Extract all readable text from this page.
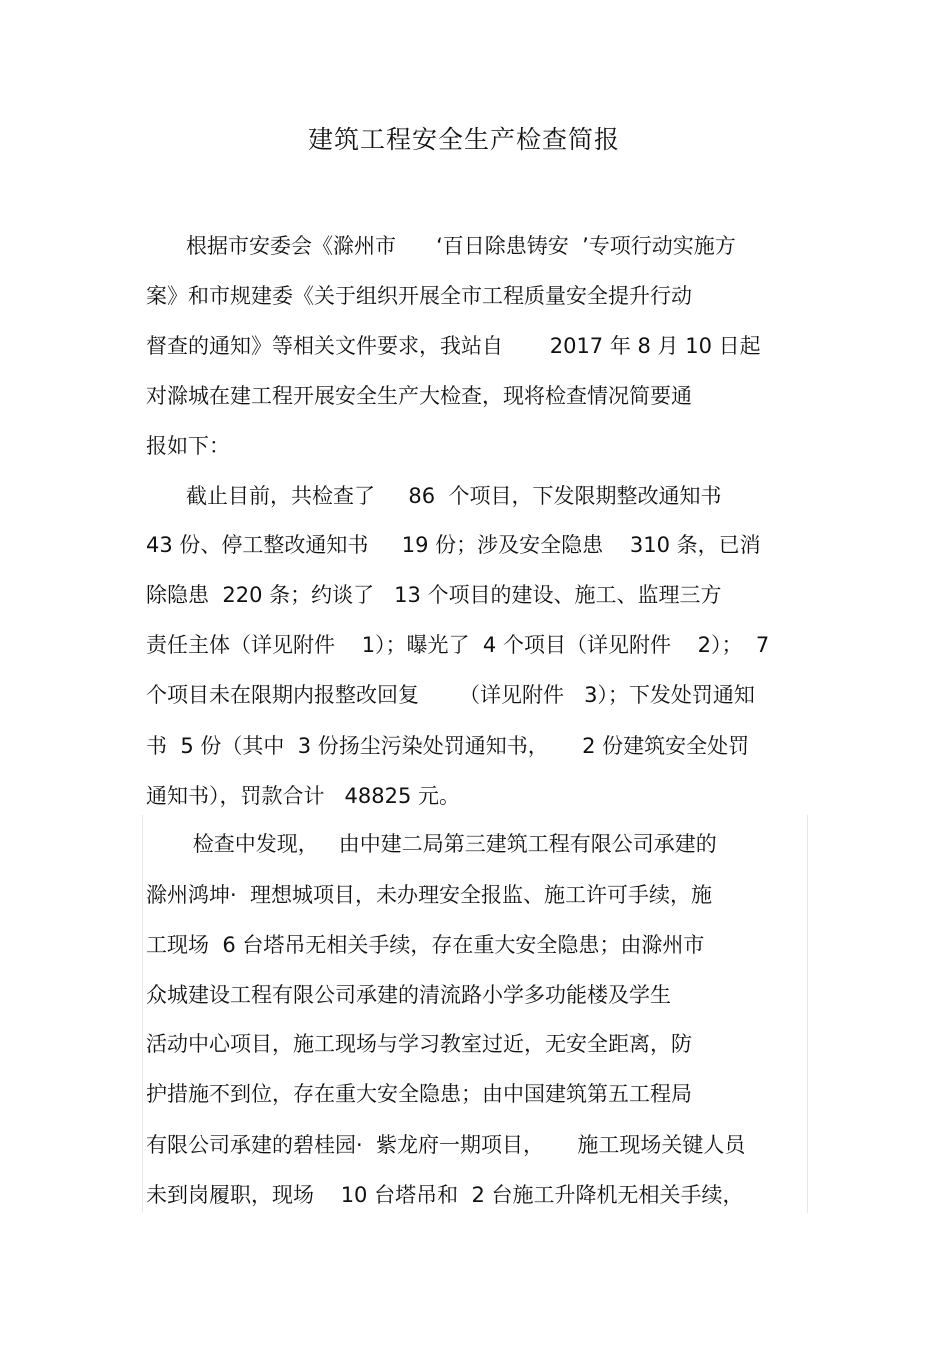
建筑工程安全生产检查简报

根据市安委会《滁州市      ‘百日除患铸安  ’专项行动实施方

案》和市规建委《关于组织开展全市工程质量安全提升行动

督查的通知》等相关文件要求，我站自       2017 年 8 月 10 日起

对滁城在建工程开展安全生产大检查，现将检查情况简要通

报如下：

截止目前，共检查了     86  个项目，下发限期整改通知书

43 份、停工整改通知书     19 份；涉及安全隐患    310 条，已消

除隐患  220 条；约谈了   13 个项目的建设、施工、监理三方

责任主体（详见附件    1）；曝光了  4 个项目（详见附件    2）；  7

个项目未在限期内报整改回复      （详见附件   3）；下发处罚通知

书  5 份（其中  3 份扬尘污染处罚通知书，     2 份建筑安全处罚

通知书），罚款合计   48825 元。

检查中发现，   由中建二局第三建筑工程有限公司承建的

滁州鸿坤·  理想城项目，未办理安全报监、施工许可手续，施

工现场  6 台塔吊无相关手续，存在重大安全隐患；由滁州市

众城建设工程有限公司承建的清流路小学多功能楼及学生

活动中心项目，施工现场与学习教室过近，无安全距离，防

护措施不到位，存在重大安全隐患；由中国建筑第五工程局

有限公司承建的碧桂园·  紫龙府一期项目，     施工现场关键人员

未到岗履职，现场    10 台塔吊和  2 台施工升降机无相关手续，
